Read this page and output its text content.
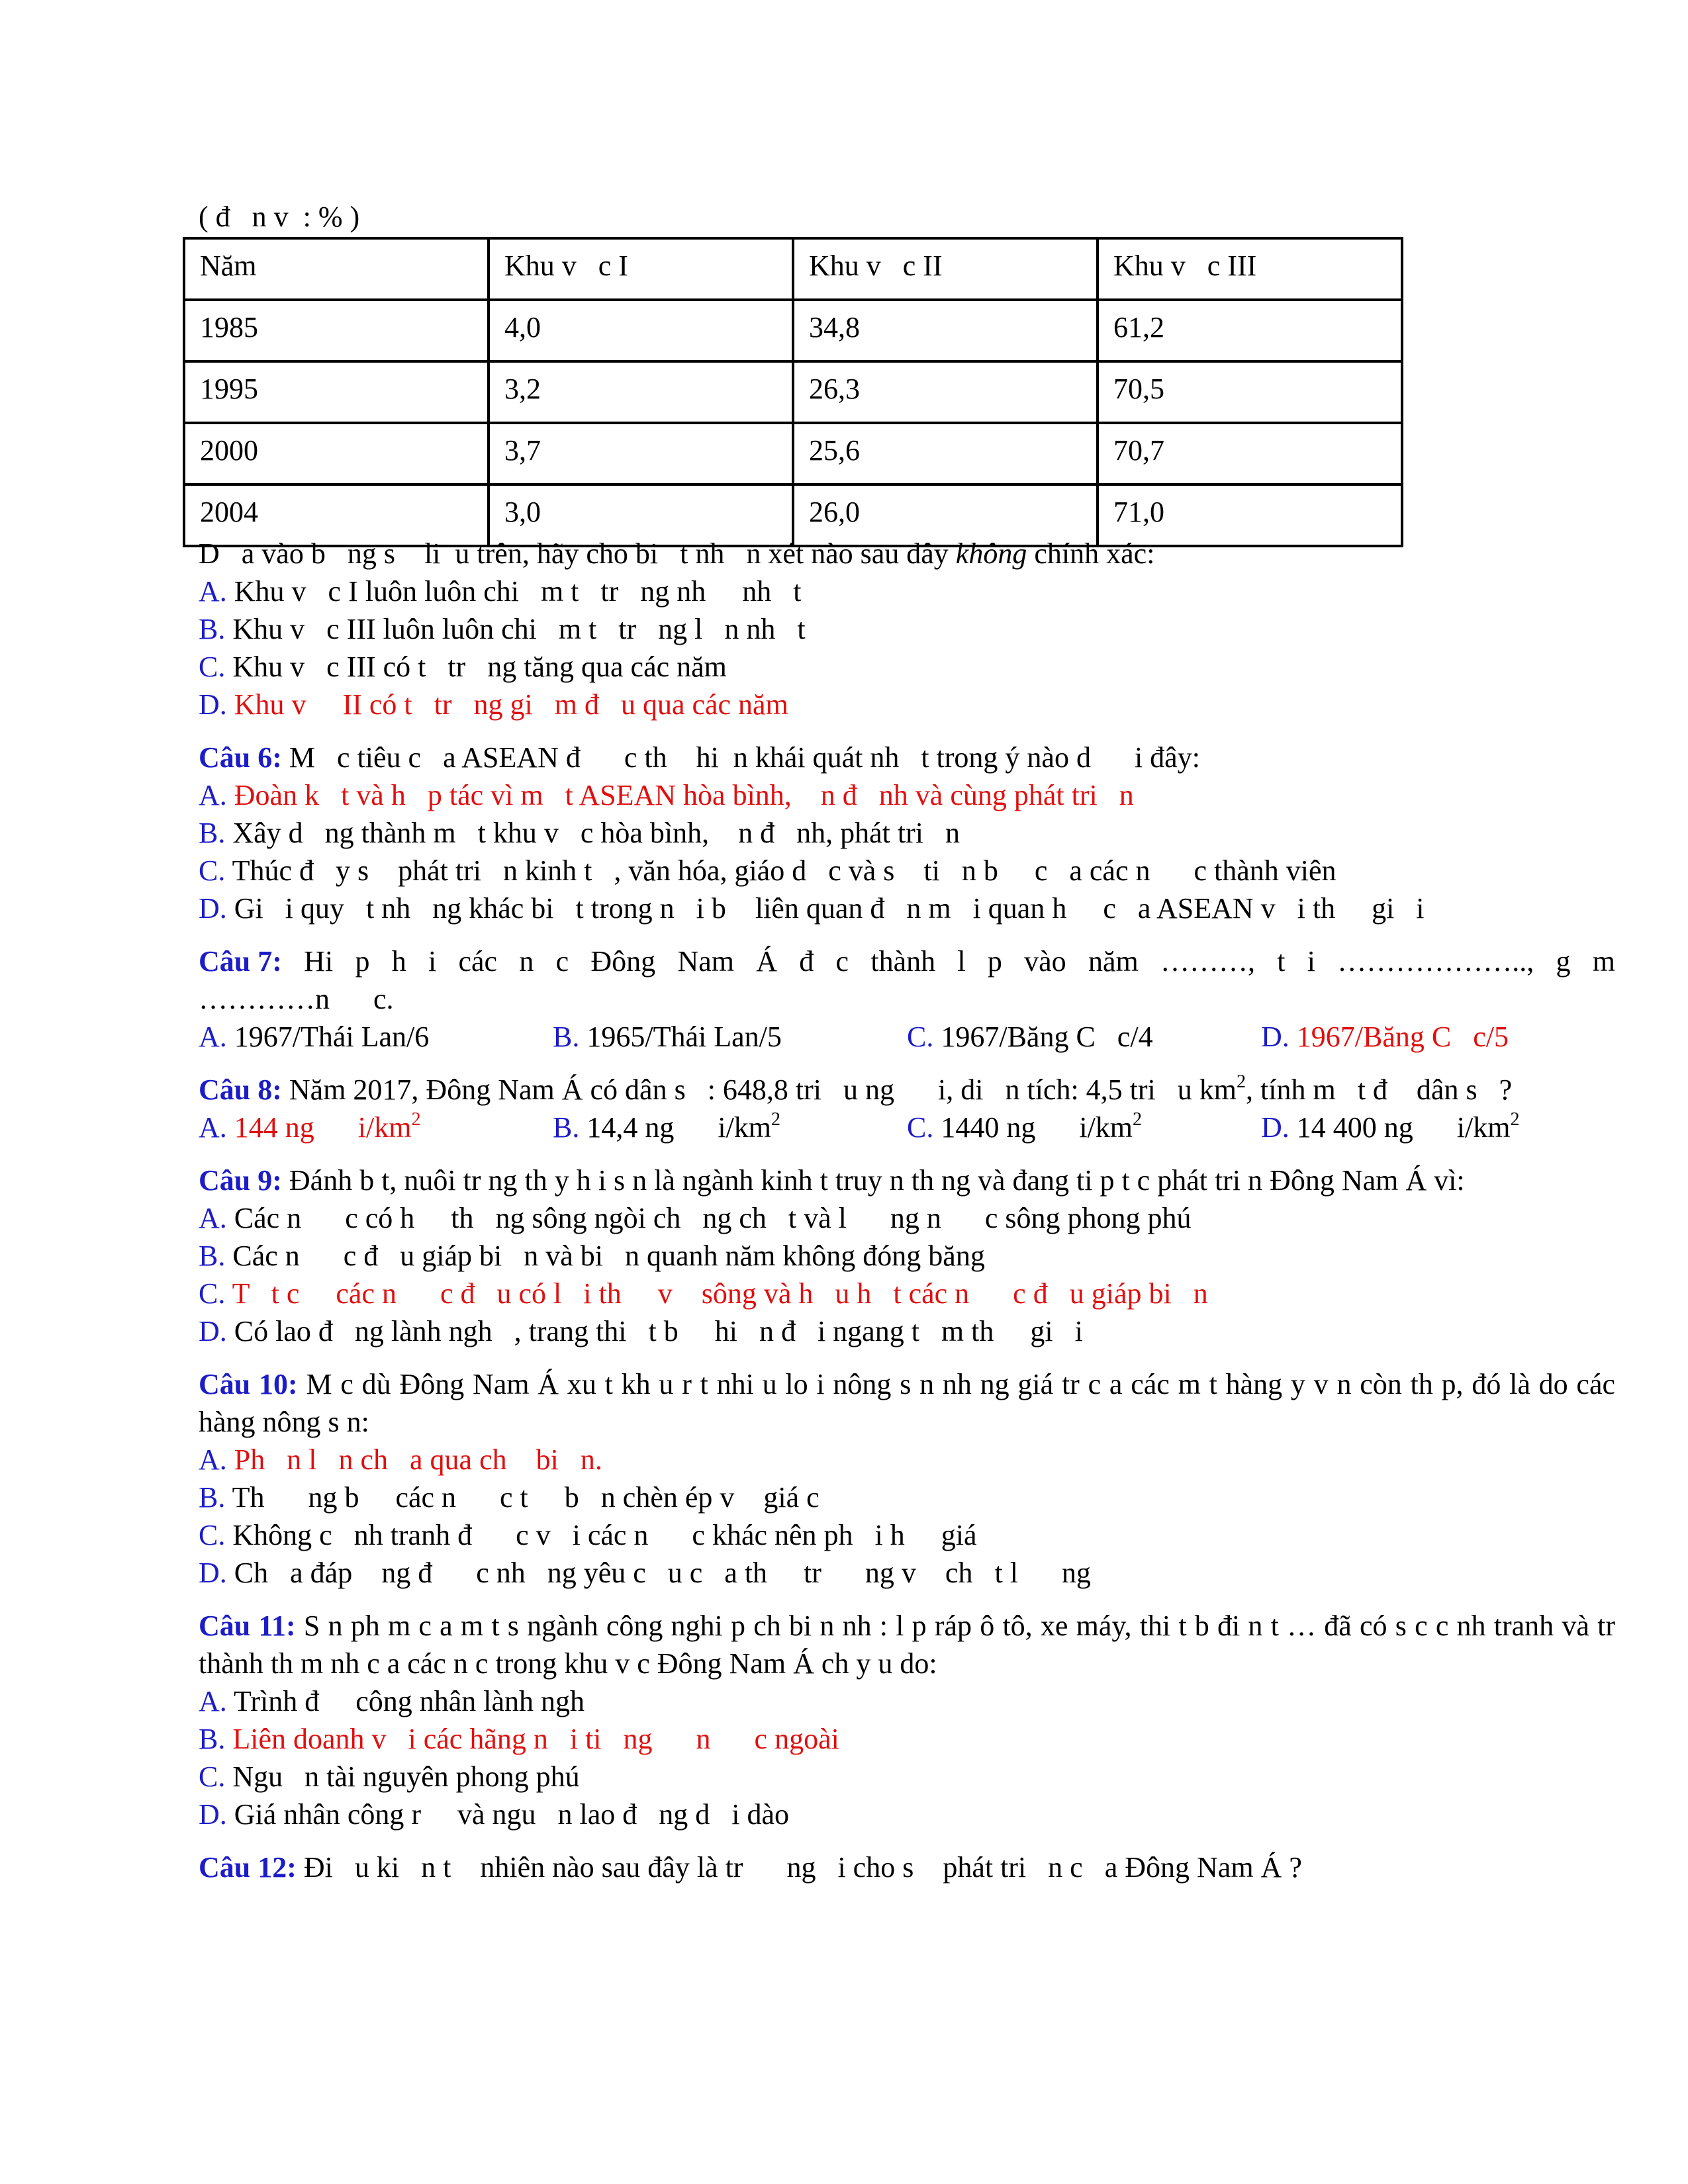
( đ   n v  : % )
Năm	Khu v   c I	Khu v   c II	Khu v   c III
1985	4,0	34,8	61,2
1995	3,2	26,3	70,5
2000	3,7	25,6	70,7
2004	3,0	26,0	71,0
D   a vào b   ng s    li  u trên, hãy cho bi   t nh   n xét nào sau đây không chính xác:
A. Khu v   c I luôn luôn chi   m t   tr   ng nh     nh   t
B. Khu v   c III luôn luôn chi   m t   tr   ng l   n nh   t
C. Khu v   c III có t   tr   ng tăng qua các năm
D. Khu v     II có t   tr   ng gi   m đ   u qua các năm
Câu 6: M   c tiêu c   a ASEAN đ      c th    hi  n khái quát nh   t trong ý nào d      i đây:
A. Đoàn k   t và h   p tác vì m   t ASEAN hòa bình,    n đ   nh và cùng phát tri   n
B. Xây d   ng thành m   t khu v   c hòa bình,    n đ   nh, phát tri   n
C. Thúc đ   y s    phát tri   n kinh t   , văn hóa, giáo d   c và s    ti   n b     c   a các n      c thành viên
D. Gi   i quy   t nh   ng khác bi   t trong n   i b    liên quan đ   n m   i quan h     c   a ASEAN v   i th     gi   i
Câu 7: Hi p h i các n c Đông Nam Á đ c thành l p vào năm ………, t i ……………….., g m
…………n      c.
A. 1967/Thái Lan/6	B. 1965/Thái Lan/5	C. 1967/Băng C   c/4	D. 1967/Băng C   c/5
Câu 8: Năm 2017, Đông Nam Á có dân s   : 648,8 tri   u ng      i, di   n tích: 4,5 tri   u $km^2$, tính m   t đ    dân s   ?
A. 144 ng      $i/km^2$	B. 14,4 ng      $i/km^2$	C. 1440 ng      $i/km^2$	D. 14 400 ng      $i/km^2$
Câu 9: Đánh b t, nuôi tr ng th y h i s n là ngành kinh t truy n th ng và đang ti p t c phát tri n Đông Nam Á vì:
A. Các n      c có h     th   ng sông ngòi ch   ng ch   t và l      ng n      c sông phong phú
B. Các n      c đ   u giáp bi   n và bi   n quanh năm không đóng băng
C. T   t c     các n      c đ   u có l   i th     v    sông và h   u h   t các n      c đ   u giáp bi   n
D. Có lao đ   ng lành ngh   , trang thi   t b     hi   n đ   i ngang t   m th     gi   i
Câu 10: M c dù Đông Nam Á xu t kh u r t nhi u lo i nông s n nh ng giá tr c a các m t hàng y v n còn th p, đó là do các hàng nông s n:
A. Ph   n l   n ch   a qua ch    bi   n.
B. Th      ng b     các n      c t     b   n chèn ép v    giá c
C. Không c   nh tranh đ      c v   i các n      c khác nên ph   i h     giá
D. Ch   a đáp    ng đ      c nh   ng yêu c   u c   a th     tr      ng v    ch   t l      ng
Câu 11: S n ph m c a m t s ngành công nghi p ch bi n nh : l p ráp ô tô, xe máy, thi t b đi n t … đã có s c c nh tranh và tr thành th m nh c a các n c trong khu v c Đông Nam Á ch y u do:
A. Trình đ     công nhân lành ngh
B. Liên doanh v   i các hãng n   i ti   ng      n      c ngoài
C. Ngu   n tài nguyên phong phú
D. Giá nhân công r     và ngu   n lao đ   ng d   i dào
Câu 12: Đi   u ki   n t    nhiên nào sau đây là tr      ng   i cho s    phát tri   n c   a Đông Nam Á ?
